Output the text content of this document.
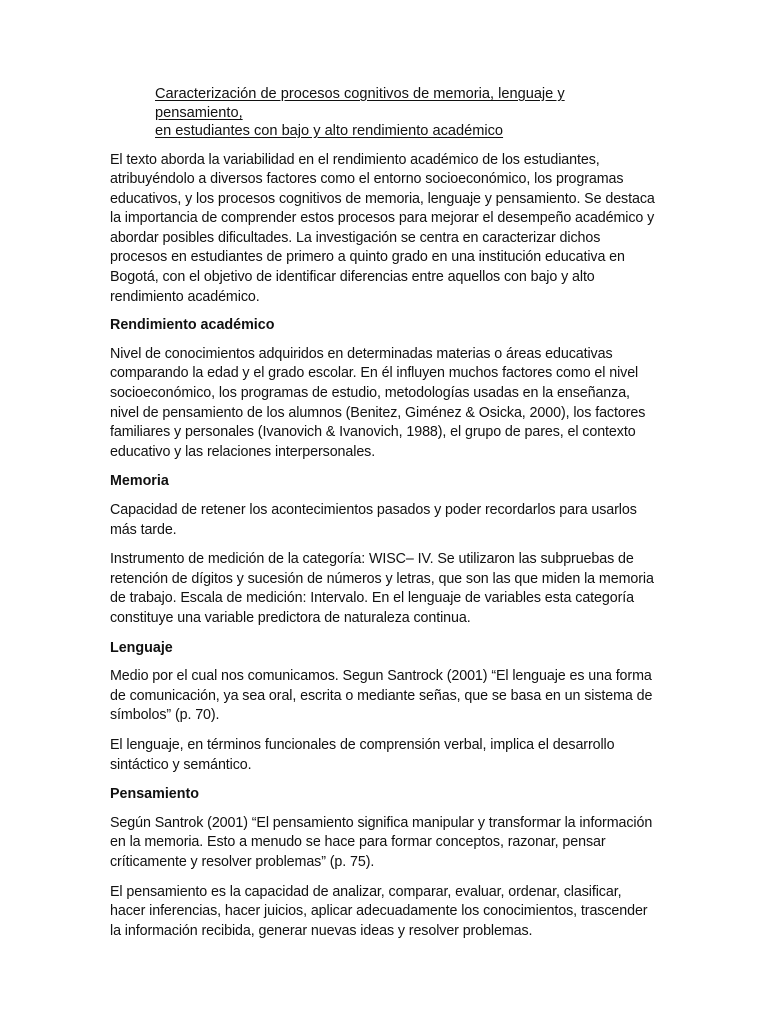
Caracterización de procesos cognitivos de memoria, lenguaje y pensamiento,
en estudiantes con bajo y alto rendimiento académico

El texto aborda la variabilidad en el rendimiento académico de los estudiantes, atribuyéndolo a diversos factores como el entorno socioeconómico, los programas educativos, y los procesos cognitivos de memoria, lenguaje y pensamiento. Se destaca la importancia de comprender estos procesos para mejorar el desempeño académico y abordar posibles dificultades. La investigación se centra en caracterizar dichos procesos en estudiantes de primero a quinto grado en una institución educativa en Bogotá, con el objetivo de identificar diferencias entre aquellos con bajo y alto rendimiento académico.

Rendimiento académico

Nivel de conocimientos adquiridos en determinadas materias o áreas educativas comparando la edad y el grado escolar. En él influyen muchos factores como el nivel socioeconómico, los programas de estudio, metodologías usadas en la enseñanza, nivel de pensamiento de los alumnos (Benitez, Giménez & Osicka, 2000), los factores familiares y personales (Ivanovich & Ivanovich, 1988), el grupo de pares, el contexto educativo y las relaciones interpersonales.

Memoria

Capacidad de retener los acontecimientos pasados y poder recordarlos para usarlos más tarde.

Instrumento de medición de la categoría: WISC– IV. Se utilizaron las subpruebas de retención de dígitos y sucesión de números y letras, que son las que miden la memoria de trabajo. Escala de medición: Intervalo. En el lenguaje de variables esta categoría constituye una variable predictora de naturaleza continua.

Lenguaje

Medio por el cual nos comunicamos. Segun Santrock (2001) “El lenguaje es una forma de comunicación, ya sea oral, escrita o mediante señas, que se basa en un sistema de símbolos” (p. 70).

El lenguaje, en términos funcionales de comprensión verbal, implica el desarrollo sintáctico y semántico.

Pensamiento

Según Santrok (2001) “El pensamiento significa manipular y transformar la información en la memoria. Esto a menudo se hace para formar conceptos, razonar, pensar críticamente y resolver problemas” (p. 75).

El pensamiento es la capacidad de analizar, comparar, evaluar, ordenar, clasificar, hacer inferencias, hacer juicios, aplicar adecuadamente los conocimientos, trascender la información recibida, generar nuevas ideas y resolver problemas.
